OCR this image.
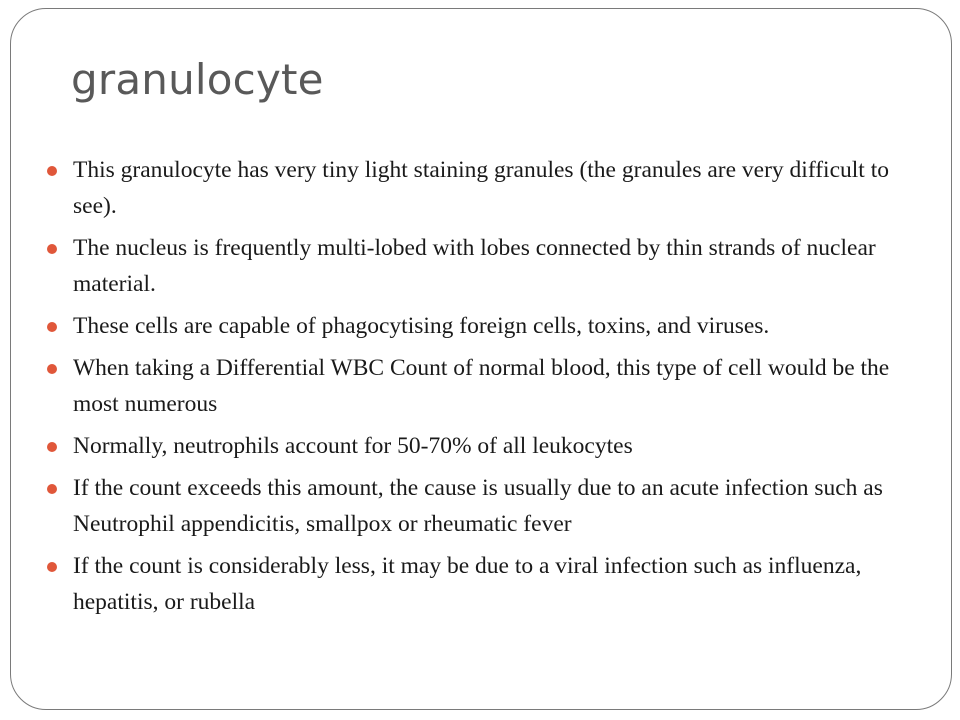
granulocyte
This granulocyte has very tiny light staining granules (the granules are very difficult to see).
The nucleus is frequently multi-lobed with lobes connected by thin strands of nuclear material.
These cells are capable of phagocytising foreign cells, toxins, and viruses.
When taking a Differential WBC Count of normal blood, this type of cell would be the most numerous
Normally, neutrophils account for 50-70% of all leukocytes
If the count exceeds this amount, the cause is usually due to an acute infection such as Neutrophil appendicitis, smallpox or rheumatic fever
If the count is considerably less, it may be due to a viral infection such as influenza, hepatitis, or rubella
